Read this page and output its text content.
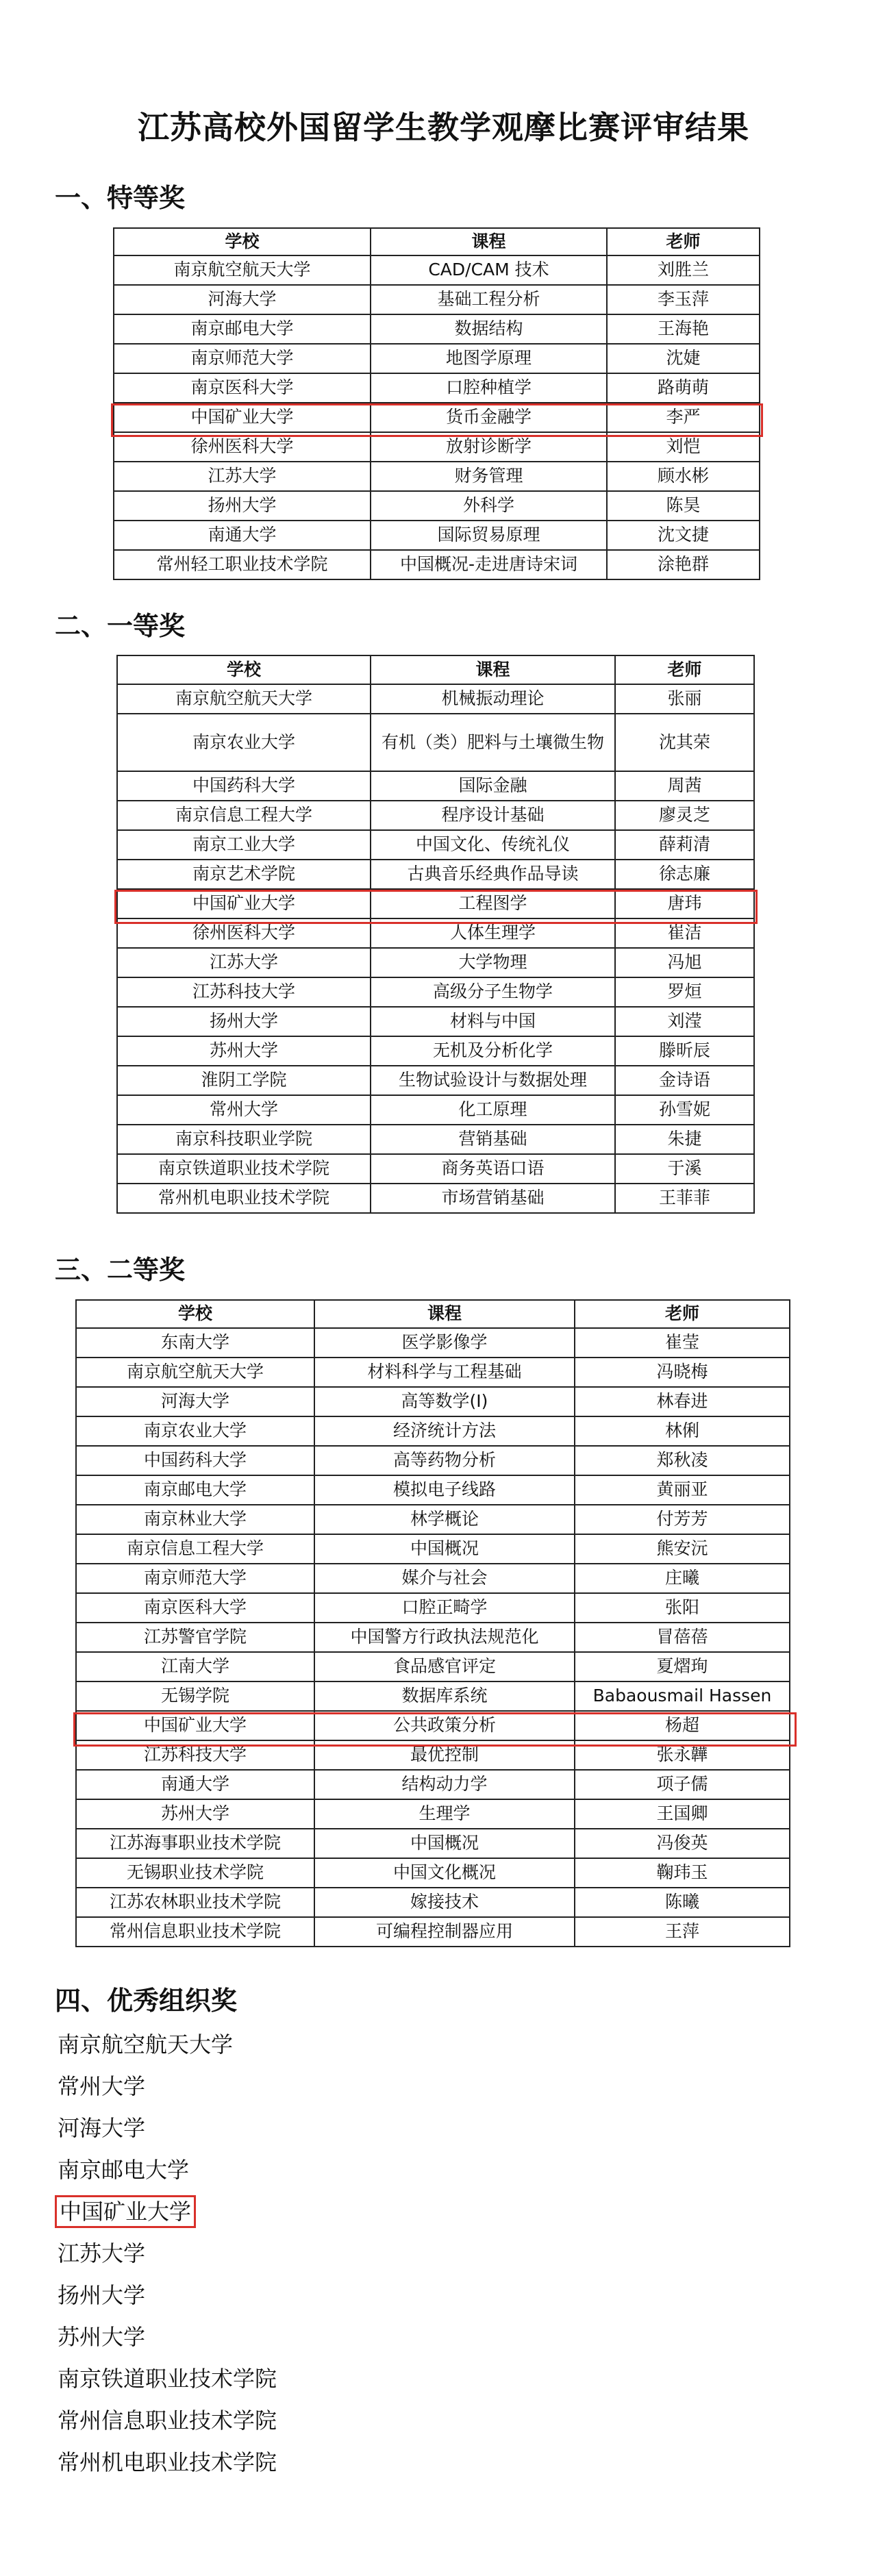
江苏高校外国留学生教学观摩比赛评审结果
一、特等奖
学校	课程	老师
南京航空航天大学	CAD/CAM 技术	刘胜兰
河海大学	基础工程分析	李玉萍
南京邮电大学	数据结构	王海艳
南京师范大学	地图学原理	沈婕
南京医科大学	口腔种植学	路萌萌
中国矿业大学	货币金融学	李严
徐州医科大学	放射诊断学	刘恺
江苏大学	财务管理	顾水彬
扬州大学	外科学	陈昊
南通大学	国际贸易原理	沈文捷
常州轻工职业技术学院	中国概况-走进唐诗宋词	涂艳群
二、一等奖
学校	课程	老师
南京航空航天大学	机械振动理论	张丽
南京农业大学	有机（类）肥料与土壤微生物	沈其荣
中国药科大学	国际金融	周茜
南京信息工程大学	程序设计基础	廖灵芝
南京工业大学	中国文化、传统礼仪	薛莉清
南京艺术学院	古典音乐经典作品导读	徐志廉
中国矿业大学	工程图学	唐玮
徐州医科大学	人体生理学	崔洁
江苏大学	大学物理	冯旭
江苏科技大学	高级分子生物学	罗烜
扬州大学	材料与中国	刘滢
苏州大学	无机及分析化学	滕昕辰
淮阴工学院	生物试验设计与数据处理	金诗语
常州大学	化工原理	孙雪妮
南京科技职业学院	营销基础	朱捷
南京铁道职业技术学院	商务英语口语	于溪
常州机电职业技术学院	市场营销基础	王菲菲
三、二等奖
学校	课程	老师
东南大学	医学影像学	崔莹
南京航空航天大学	材料科学与工程基础	冯晓梅
河海大学	高等数学(I)	林春进
南京农业大学	经济统计方法	林俐
中国药科大学	高等药物分析	郑秋凌
南京邮电大学	模拟电子线路	黄丽亚
南京林业大学	林学概论	付芳芳
南京信息工程大学	中国概况	熊安沅
南京师范大学	媒介与社会	庄曦
南京医科大学	口腔正畸学	张阳
江苏警官学院	中国警方行政执法规范化	冒蓓蓓
江南大学	食品感官评定	夏熠珣
无锡学院	数据库系统	Babaousmail Hassen
中国矿业大学	公共政策分析	杨超
江苏科技大学	最优控制	张永韡
南通大学	结构动力学	项子儒
苏州大学	生理学	王国卿
江苏海事职业技术学院	中国概况	冯俊英
无锡职业技术学院	中国文化概况	鞠玮玉
江苏农林职业技术学院	嫁接技术	陈曦
常州信息职业技术学院	可编程控制器应用	王萍
四、优秀组织奖
南京航空航天大学
常州大学
河海大学
南京邮电大学
中国矿业大学
江苏大学
扬州大学
苏州大学
南京铁道职业技术学院
常州信息职业技术学院
常州机电职业技术学院
